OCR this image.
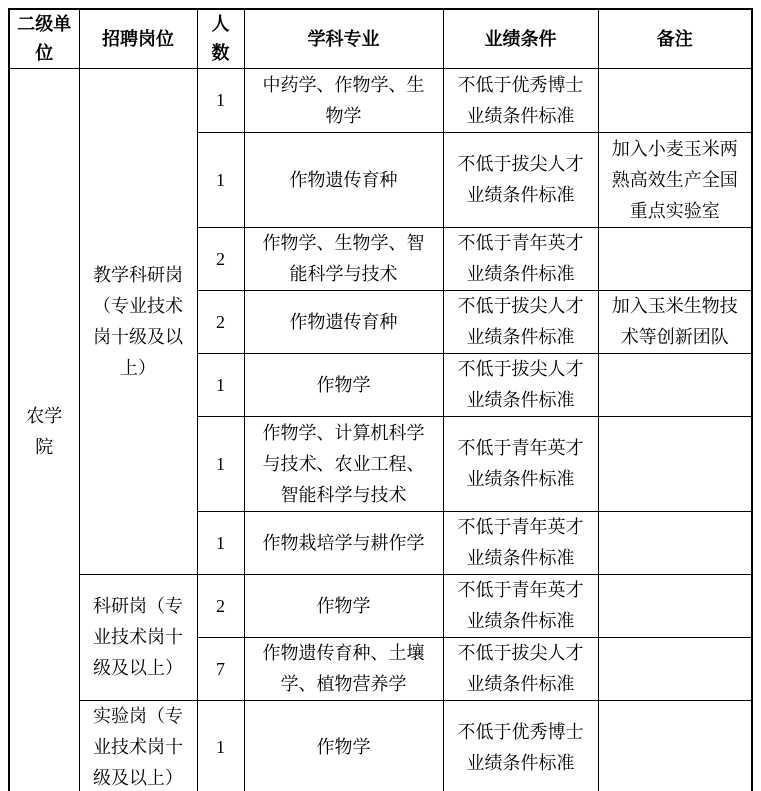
二级单位	招聘岗位	人数	学科专业	业绩条件	备注
农学院	教学科研岗（专业技术岗十级及以上）	1	中药学、作物学、生物学	不低于优秀博士业绩条件标准	
		1	作物遗传育种	不低于拔尖人才业绩条件标准	加入小麦玉米两熟高效生产全国重点实验室
		2	作物学、生物学、智能科学与技术	不低于青年英才业绩条件标准	
		2	作物遗传育种	不低于拔尖人才业绩条件标准	加入玉米生物技术等创新团队
		1	作物学	不低于拔尖人才业绩条件标准	
		1	作物学、计算机科学与技术、农业工程、智能科学与技术	不低于青年英才业绩条件标准	
		1	作物栽培学与耕作学	不低于青年英才业绩条件标准	
	科研岗（专业技术岗十级及以上）	2	作物学	不低于青年英才业绩条件标准	
		7	作物遗传育种、土壤学、植物营养学	不低于拔尖人才业绩条件标准	
	实验岗（专业技术岗十级及以上）	1	作物学	不低于优秀博士业绩条件标准	
